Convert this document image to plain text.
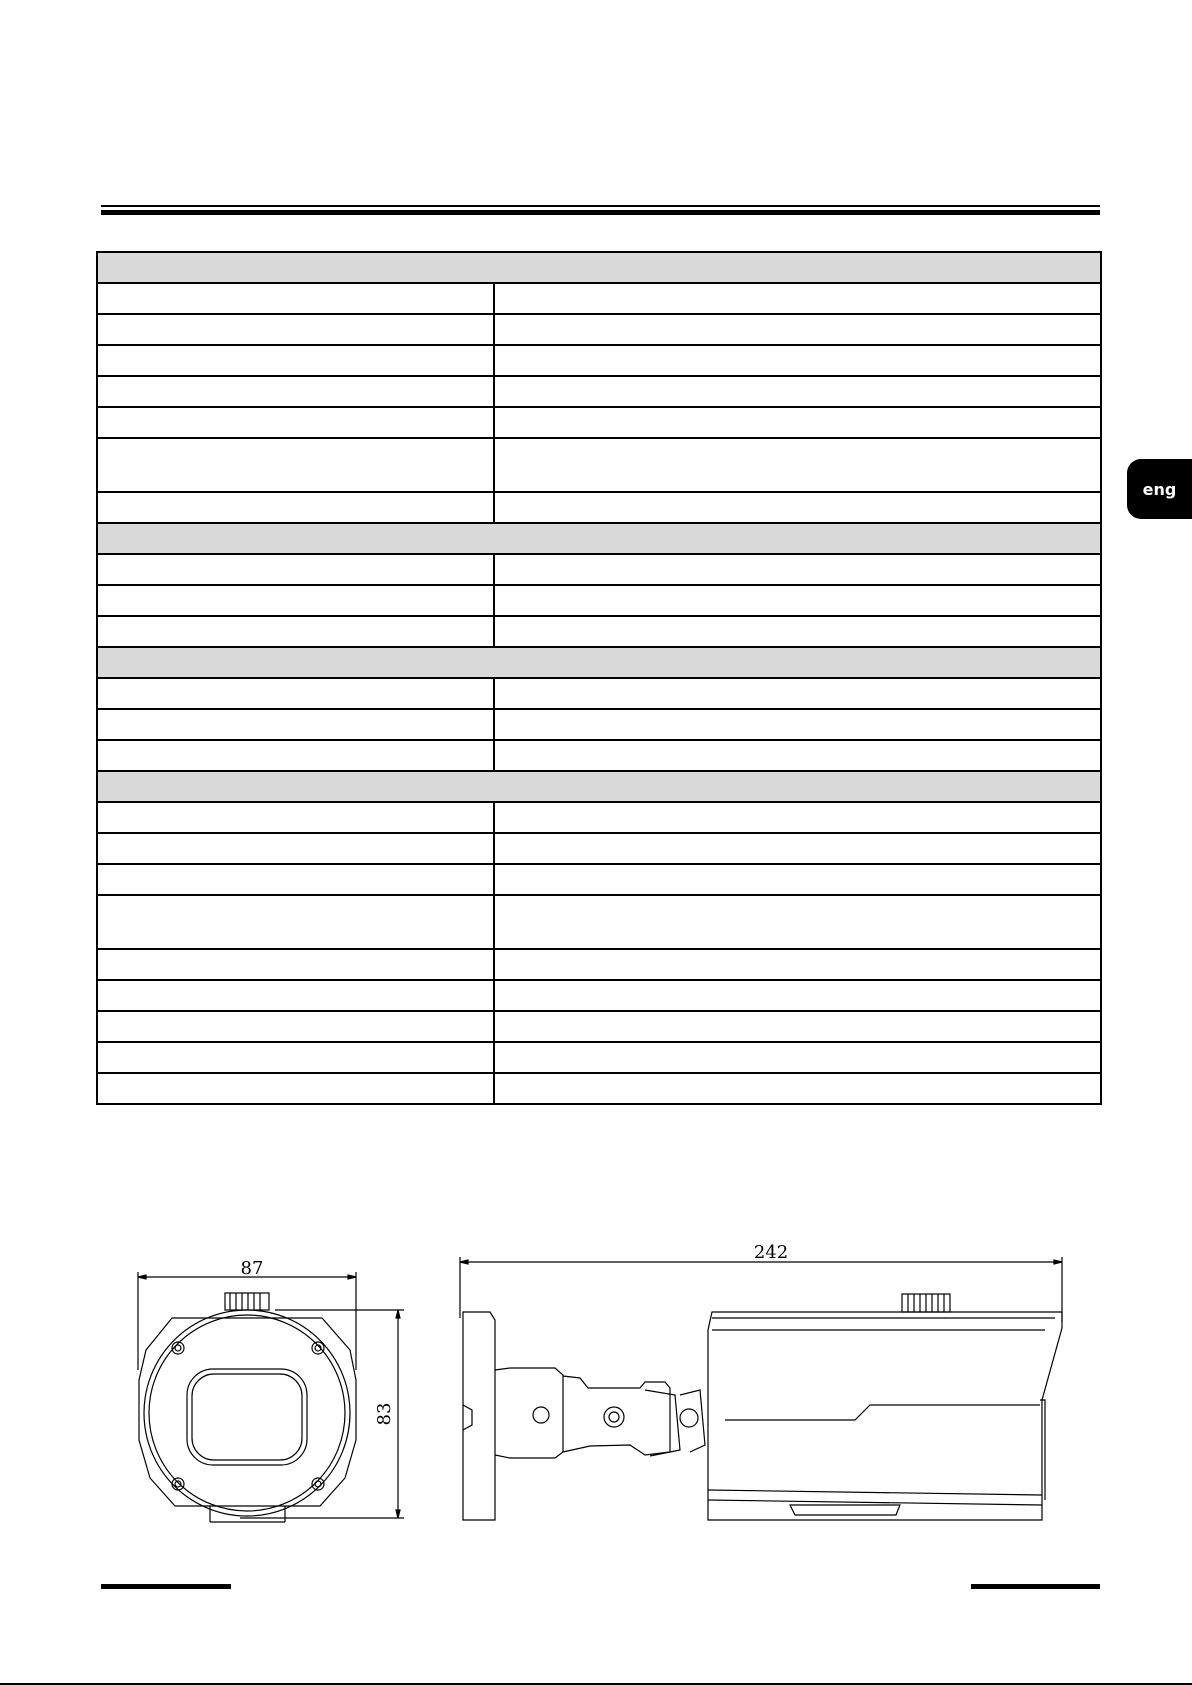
eng
87
83
242
